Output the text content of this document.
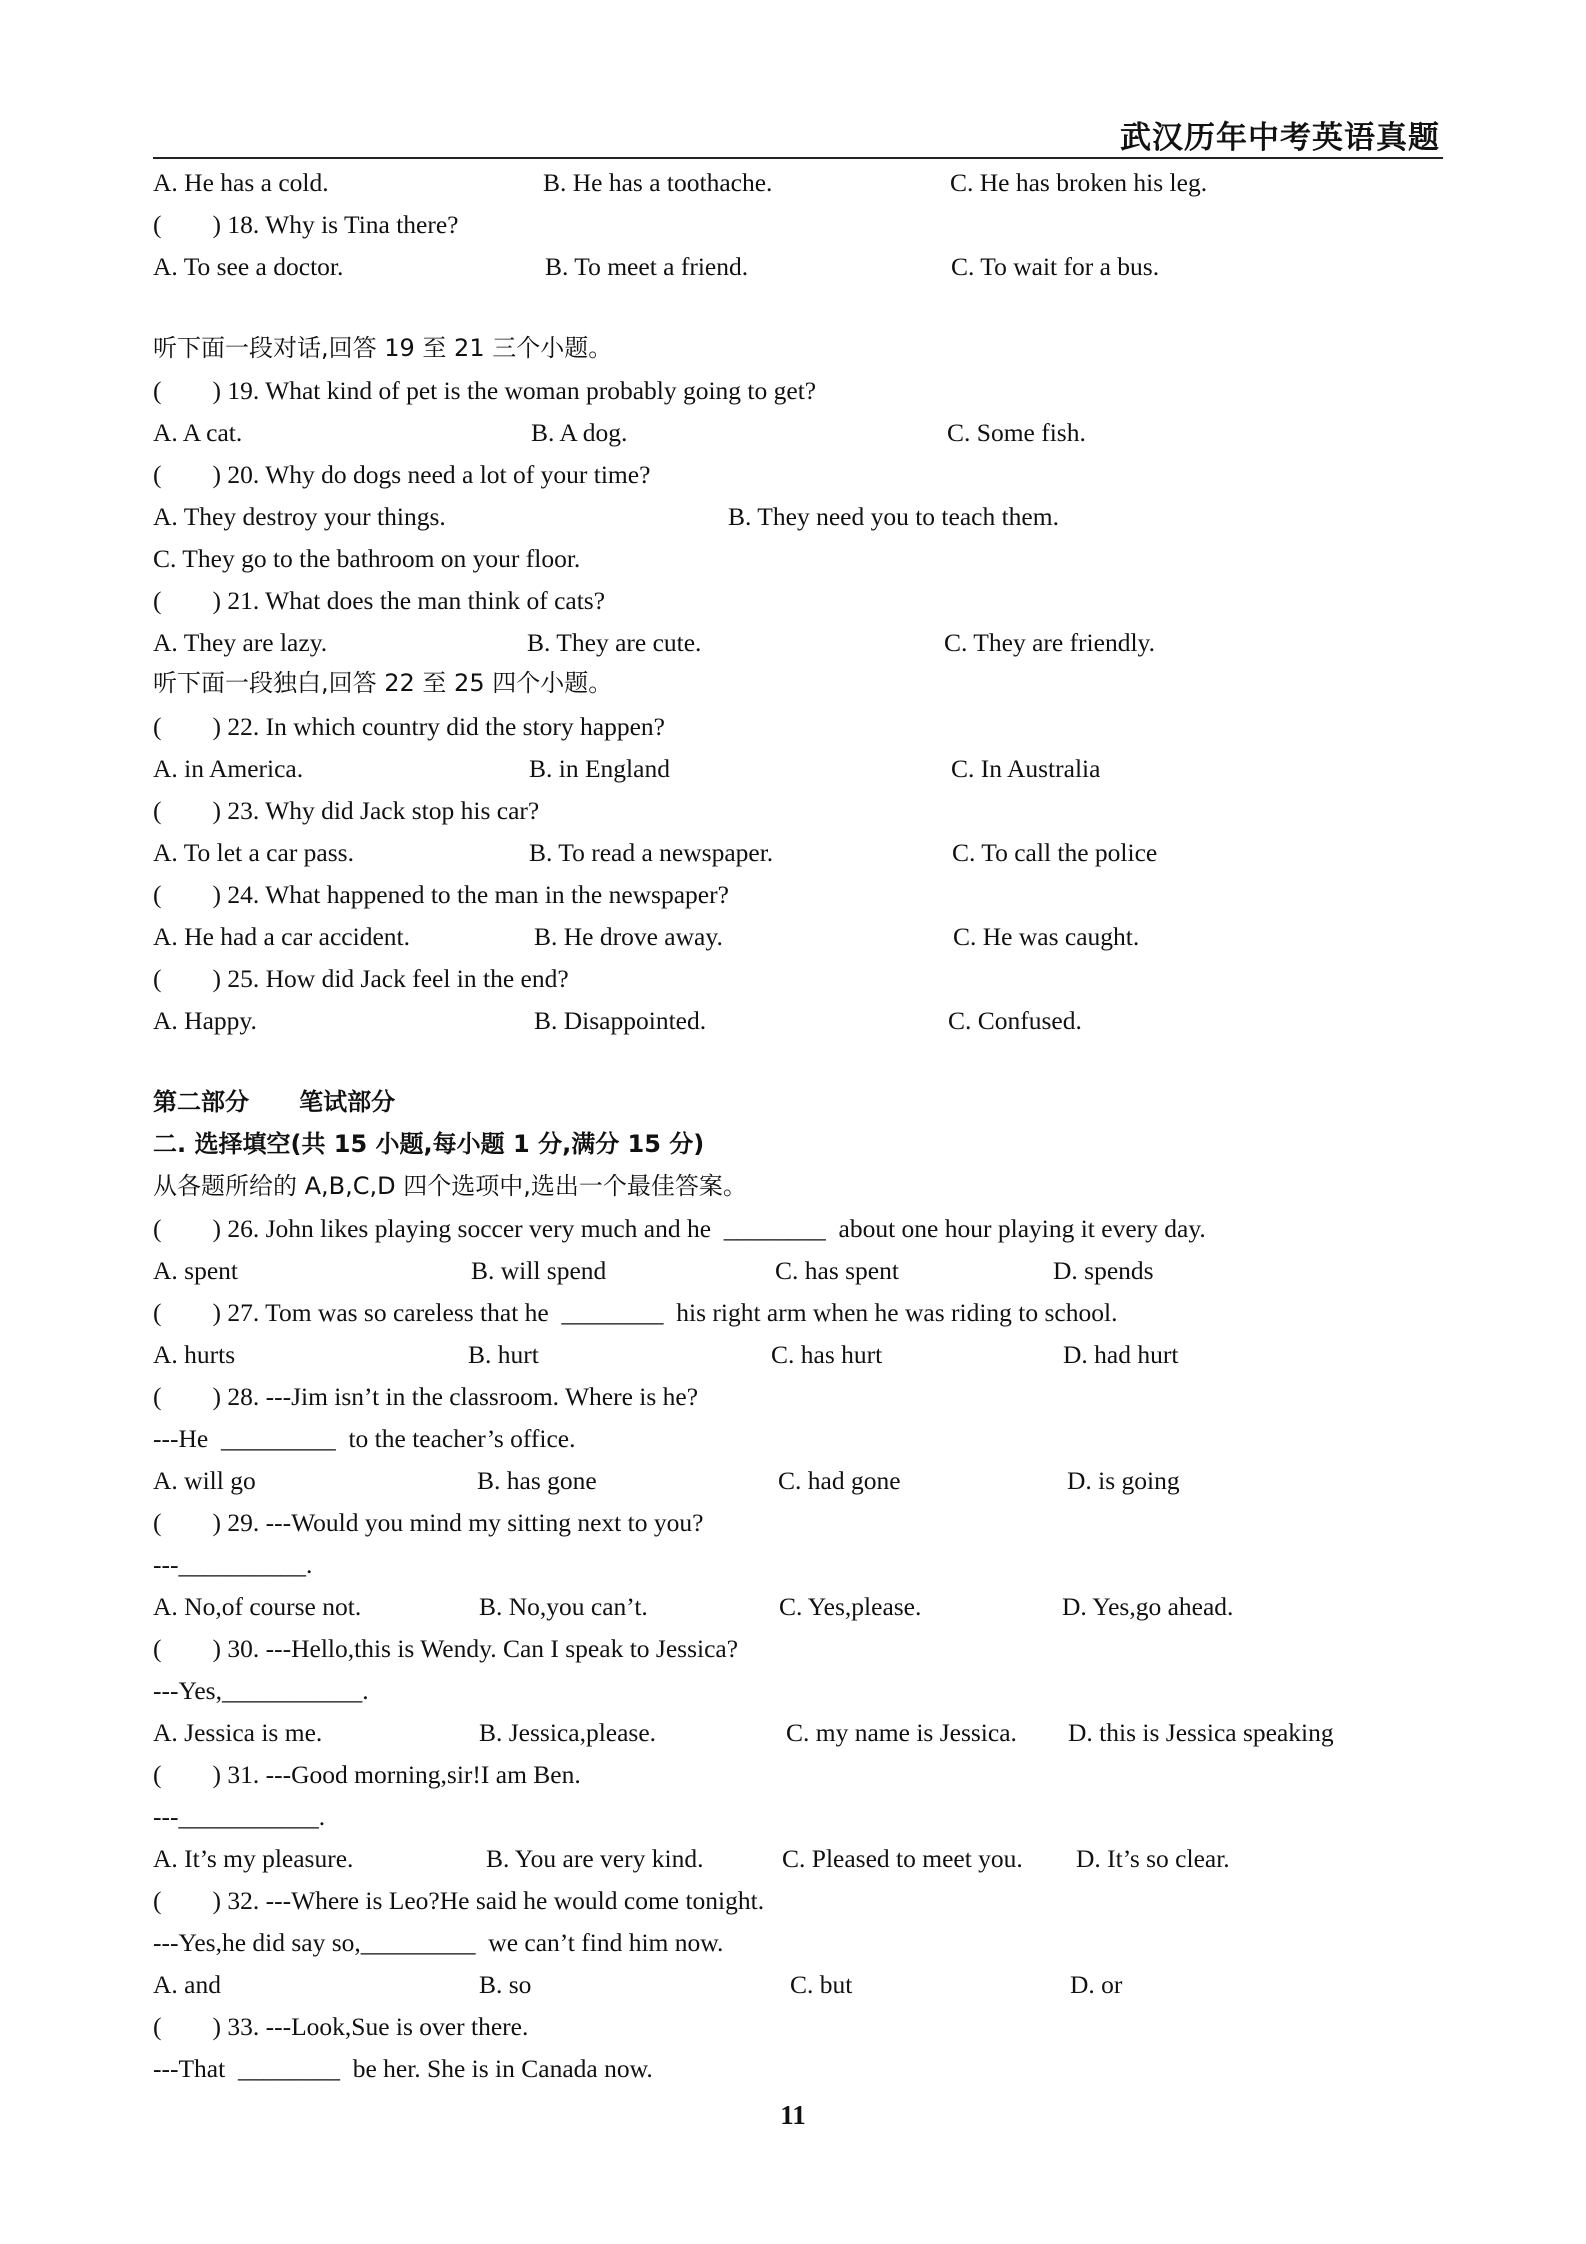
武汉历年中考英语真题
A. He has a cold.	B. He has a toothache.	C. He has broken his leg.
(        ) 18. Why is Tina there?
A. To see a doctor.	B. To meet a friend.	C. To wait for a bus.
听下面一段对话,回答 19 至 21 三个小题。
(        ) 19. What kind of pet is the woman probably going to get?
A. A cat.	B. A dog.	C. Some fish.
(        ) 20. Why do dogs need a lot of your time?
A. They destroy your things.	B. They need you to teach them.
C. They go to the bathroom on your floor.
(        ) 21. What does the man think of cats?
A. They are lazy.	B. They are cute.	C. They are friendly.
听下面一段独白,回答 22 至 25 四个小题。
(        ) 22. In which country did the story happen?
A. in America.	B. in England	C. In Australia
(        ) 23. Why did Jack stop his car?
A. To let a car pass.	B. To read a newspaper.	C. To call the police
(        ) 24. What happened to the man in the newspaper?
A. He had a car accident.	B. He drove away.	C. He was caught.
(        ) 25. How did Jack feel in the end?
A. Happy.	B. Disappointed.	C. Confused.
第二部分      笔试部分
二. 选择填空(共 15 小题,每小题 1 分,满分 15 分)
从各题所给的 A,B,C,D 四个选项中,选出一个最佳答案。
(        ) 26. John likes playing soccer very much and he  ________  about one hour playing it every day.
A. spent	B. will spend	C. has spent	D. spends
(        ) 27. Tom was so careless that he  ________  his right arm when he was riding to school.
A. hurts	B. hurt	C. has hurt	D. had hurt
(        ) 28. ---Jim isn’t in the classroom. Where is he?
---He  _________  to the teacher’s office.
A. will go	B. has gone	C. had gone	D. is going
(        ) 29. ---Would you mind my sitting next to you?
---__________.
A. No,of course not.	B. No,you can’t.	C. Yes,please.	D. Yes,go ahead.
(        ) 30. ---Hello,this is Wendy. Can I speak to Jessica?
---Yes,___________.
A. Jessica is me.	B. Jessica,please.	C. my name is Jessica. D. this is Jessica speaking
(        ) 31. ---Good morning,sir!I am Ben.
---___________.
A. It’s my pleasure.	B. You are very kind.	C. Pleased to meet you. D. It’s so clear.
(        ) 32. ---Where is Leo?He said he would come tonight.
---Yes,he did say so,_________  we can’t find him now.
A. and	B. so	C. but	D. or
(        ) 33. ---Look,Sue is over there.
---That  ________  be her. She is in Canada now.
11
